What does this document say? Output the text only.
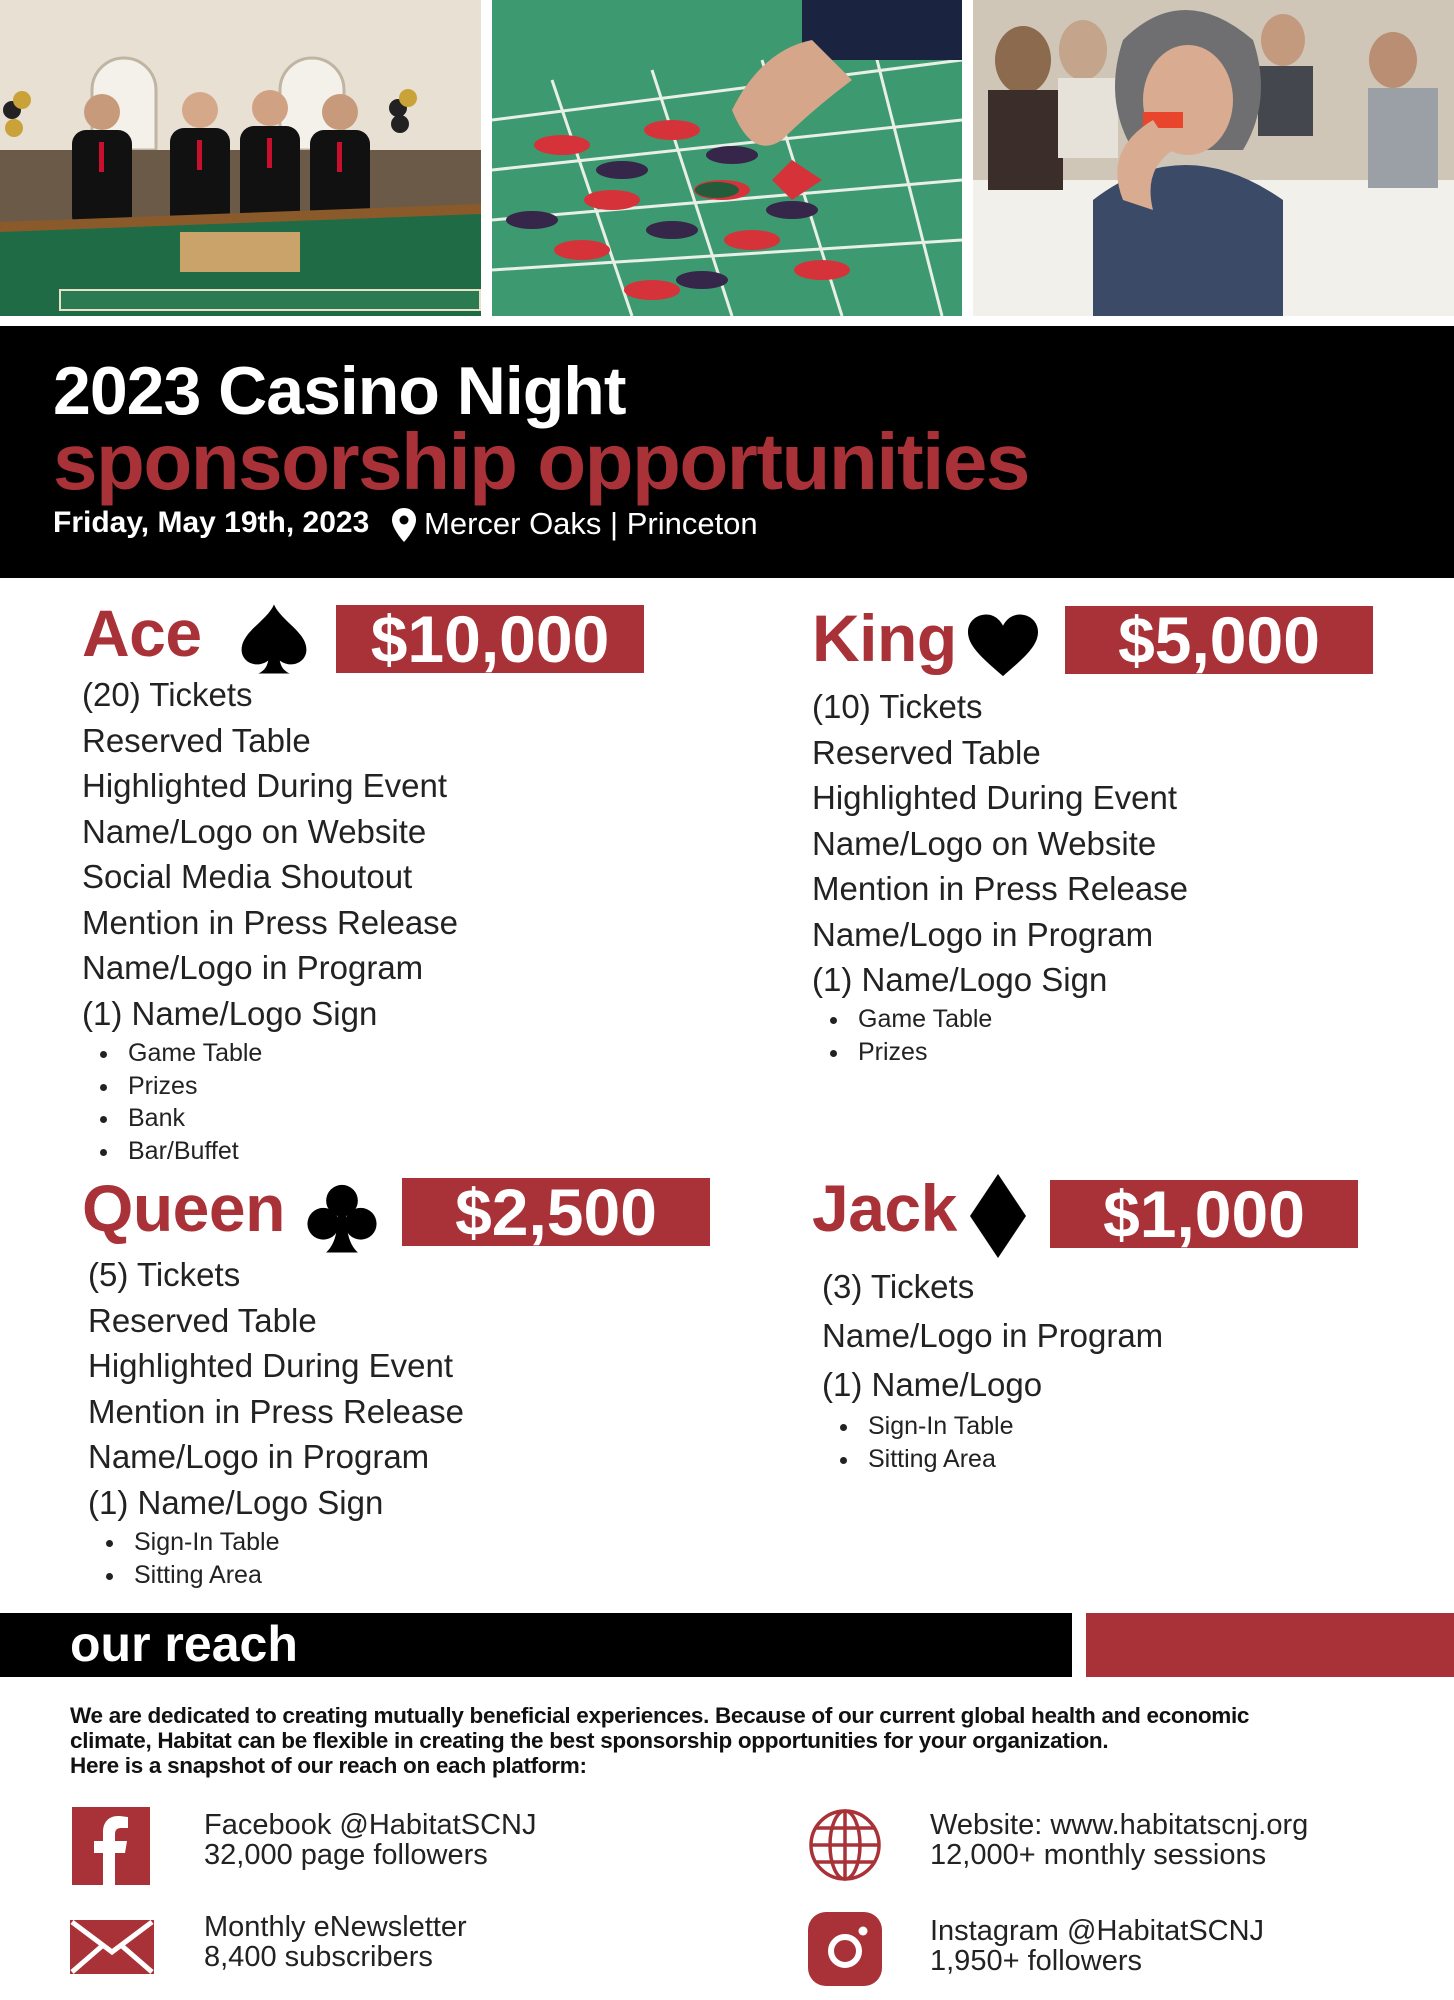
2023 Casino Night
sponsorship opportunities
Friday, May 19th, 2023 Mercer Oaks | Princeton
Ace	$10,000
(20) Tickets
Reserved Table
Highlighted During Event
Name/Logo on Website
Social Media Shoutout
Mention in Press Release
Name/Logo in Program
(1) Name/Logo Sign
Game Table
Prizes
Bank
Bar/Buffet
King	$5,000
(10) Tickets
Reserved Table
Highlighted During Event
Name/Logo on Website
Mention in Press Release
Name/Logo in Program
(1) Name/Logo Sign
Game Table
Prizes
Queen	$2,500
(5) Tickets
Reserved Table
Highlighted During Event
Mention in Press Release
Name/Logo in Program
(1) Name/Logo Sign
Sign-In Table
Sitting Area
Jack	$1,000
(3) Tickets
Name/Logo in Program
(1) Name/Logo
Sign-In Table
Sitting Area
our reach
We are dedicated to creating mutually beneficial experiences. Because of our current global health and economic
climate, Habitat can be flexible in creating the best sponsorship opportunities for your organization.
Here is a snapshot of our reach on each platform:
Facebook @HabitatSCNJ
32,000 page followers
Website: www.habitatscnj.org
12,000+ monthly sessions
Monthly eNewsletter
8,400 subscribers
Instagram @HabitatSCNJ
1,950+ followers
